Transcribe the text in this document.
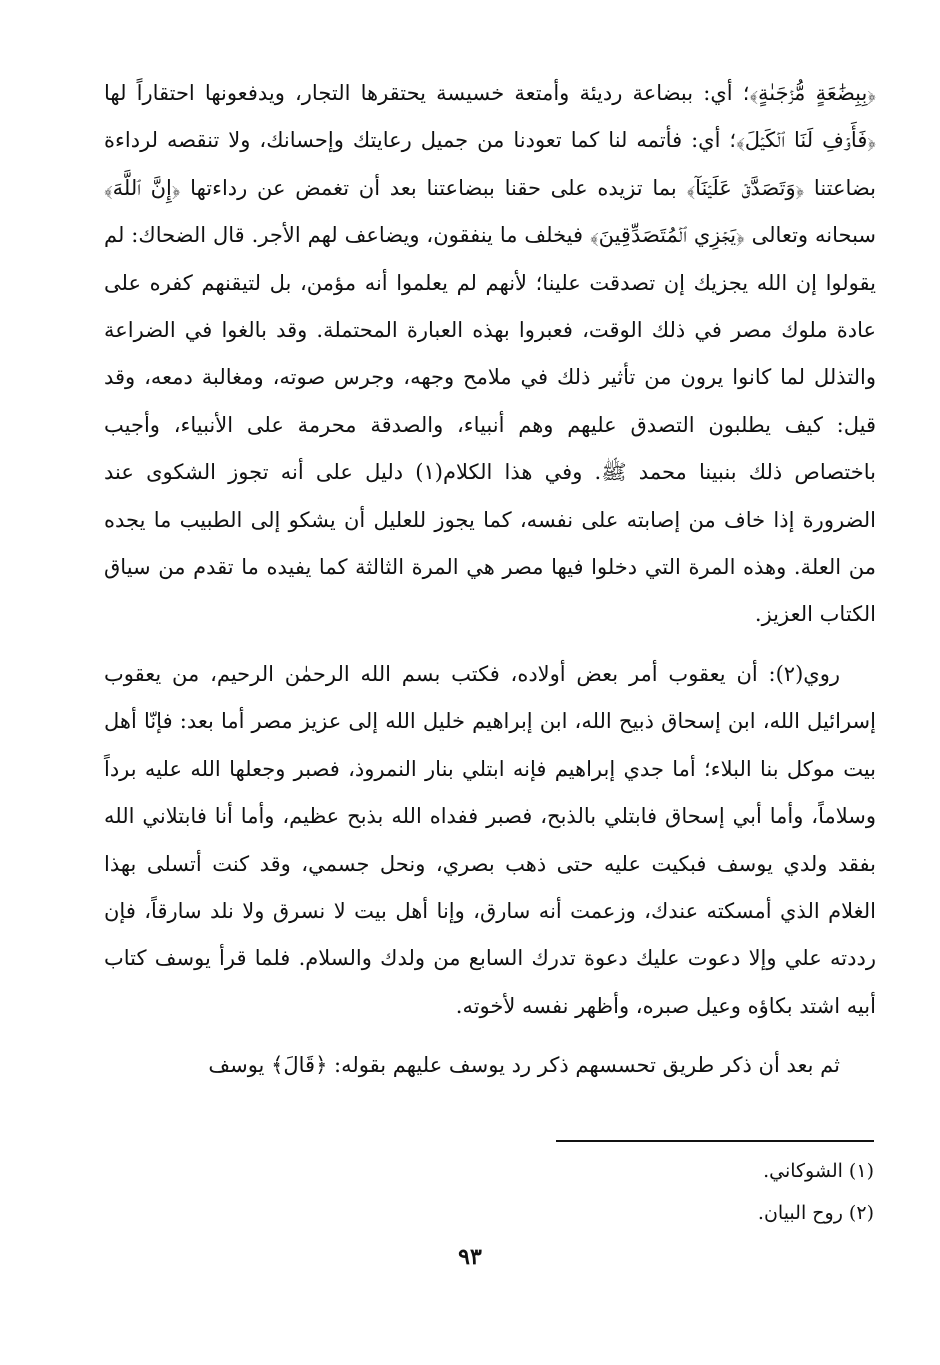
﴿بِبِضَٰعَةٍ مُّزۡجَىٰةٍ﴾؛ أي: ببضاعة رديئة وأمتعة خسيسة يحتقرها التجار، ويدفعونها احتقاراً لها ﴿فَأَوۡفِ لَنَا ٱلۡكَيۡلَ﴾؛ أي: فأتمه لنا كما تعودنا من جميل رعايتك وإحسانك، ولا تنقصه لرداءة بضاعتنا ﴿وَتَصَدَّقۡ عَلَيۡنَآ﴾ بما تزيده على حقنا ببضاعتنا بعد أن تغمض عن رداءتها ﴿إِنَّ ٱللَّهَ﴾ سبحانه وتعالى ﴿يَجۡزِي ٱلۡمُتَصَدِّقِينَ﴾ فيخلف ما ينفقون، ويضاعف لهم الأجر. قال الضحاك: لم يقولوا إن الله يجزيك إن تصدقت علينا؛ لأنهم لم يعلموا أنه مؤمن، بل لتيقنهم كفره على عادة ملوك مصر في ذلك الوقت، فعبروا بهذه العبارة المحتملة. وقد بالغوا في الضراعة والتذلل لما كانوا يرون من تأثير ذلك في ملامح وجهه، وجرس صوته، ومغالبة دمعه، وقد قيل: كيف يطلبون التصدق عليهم وهم أنبياء، والصدقة محرمة على الأنبياء، وأجيب باختصاص ذلك بنبينا محمد ﷺ. وفي هذا الكلام(١) دليل على أنه تجوز الشكوى عند الضرورة إذا خاف من إصابته على نفسه، كما يجوز للعليل أن يشكو إلى الطبيب ما يجده من العلة. وهذه المرة التي دخلوا فيها مصر هي المرة الثالثة كما يفيده ما تقدم من سياق الكتاب العزيز.

روي(٢): أن يعقوب أمر بعض أولاده، فكتب بسم الله الرحمٰن الرحيم، من يعقوب إسرائيل الله، ابن إسحاق ذبيح الله، ابن إبراهيم خليل الله إلى عزيز مصر أما بعد: فإنّا أهل بيت موكل بنا البلاء؛ أما جدي إبراهيم فإنه ابتلي بنار النمروذ، فصبر وجعلها الله عليه برداً وسلاماً، وأما أبي إسحاق فابتلي بالذبح، فصبر ففداه الله بذبح عظيم، وأما أنا فابتلاني الله بفقد ولدي يوسف فبكيت عليه حتى ذهب بصري، ونحل جسمي، وقد كنت أتسلى بهذا الغلام الذي أمسكته عندك، وزعمت أنه سارق، وإنا أهل بيت لا نسرق ولا نلد سارقاً، فإن رددته علي وإلا دعوت عليك دعوة تدرك السابع من ولدك والسلام. فلما قرأ يوسف كتاب أبيه اشتد بكاؤه وعيل صبره، وأظهر نفسه لأخوته.

ثم بعد أن ذكر طريق تحسسهم ذكر رد يوسف عليهم بقوله: ﴿قَالَ﴾ يوسف

(١) الشوكاني.

(٢) روح البيان.

٩٣
